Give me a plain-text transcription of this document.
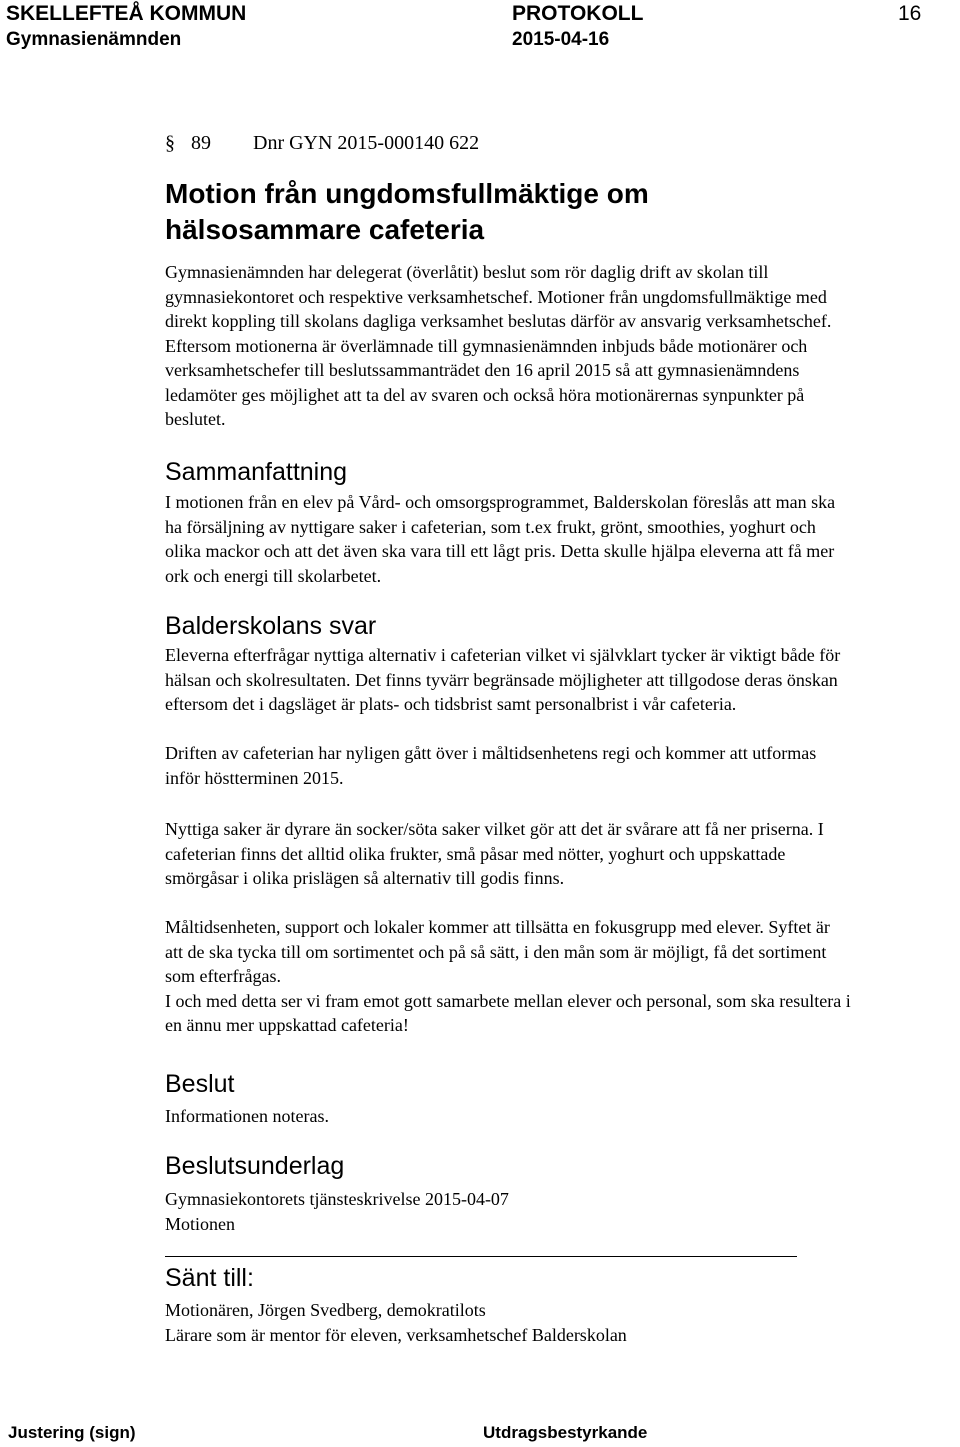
SKELLEFTEÅ KOMMUN
Gymnasienämnden
PROTOKOLL
2015-04-16
16
§ 89 Dnr GYN 2015-000140 622
Motion från ungdomsfullmäktige om
hälsosammare cafeteria
Gymnasienämnden har delegerat (överlåtit) beslut som rör daglig drift av skolan till
gymnasiekontoret och respektive verksamhetschef. Motioner från ungdomsfullmäktige med
direkt koppling till skolans dagliga verksamhet beslutas därför av ansvarig verksamhetschef.
Eftersom motionerna är överlämnade till gymnasienämnden inbjuds både motionärer och
verksamhetschefer till beslutssammanträdet den 16 april 2015 så att gymnasienämndens
ledamöter ges möjlighet att ta del av svaren och också höra motionärernas synpunkter på
beslutet.
Sammanfattning
I motionen från en elev på Vård- och omsorgsprogrammet, Balderskolan föreslås att man ska
ha försäljning av nyttigare saker i cafeterian, som t.ex frukt, grönt, smoothies, yoghurt och
olika mackor och att det även ska vara till ett lågt pris. Detta skulle hjälpa eleverna att få mer
ork och energi till skolarbetet.
Balderskolans svar
Eleverna efterfrågar nyttiga alternativ i cafeterian vilket vi självklart tycker är viktigt både för
hälsan och skolresultaten. Det finns tyvärr begränsade möjligheter att tillgodose deras önskan
eftersom det i dagsläget är plats- och tidsbrist samt personalbrist i vår cafeteria.
Driften av cafeterian har nyligen gått över i måltidsenhetens regi och kommer att utformas
inför höstterminen 2015.
Nyttiga saker är dyrare än socker/söta saker vilket gör att det är svårare att få ner priserna. I
cafeterian finns det alltid olika frukter, små påsar med nötter, yoghurt och uppskattade
smörgåsar i olika prislägen så alternativ till godis finns.
Måltidsenheten, support och lokaler kommer att tillsätta en fokusgrupp med elever. Syftet är
att de ska tycka till om sortimentet och på så sätt, i den mån som är möjligt, få det sortiment
som efterfrågas.
I och med detta ser vi fram emot gott samarbete mellan elever och personal, som ska resultera i
en ännu mer uppskattad cafeteria!
Beslut
Informationen noteras.
Beslutsunderlag
Gymnasiekontorets tjänsteskrivelse 2015-04-07
Motionen
Sänt till:
Motionären, Jörgen Svedberg, demokratilots
Lärare som är mentor för eleven, verksamhetschef Balderskolan
Justering (sign)	Utdragsbestyrkande
